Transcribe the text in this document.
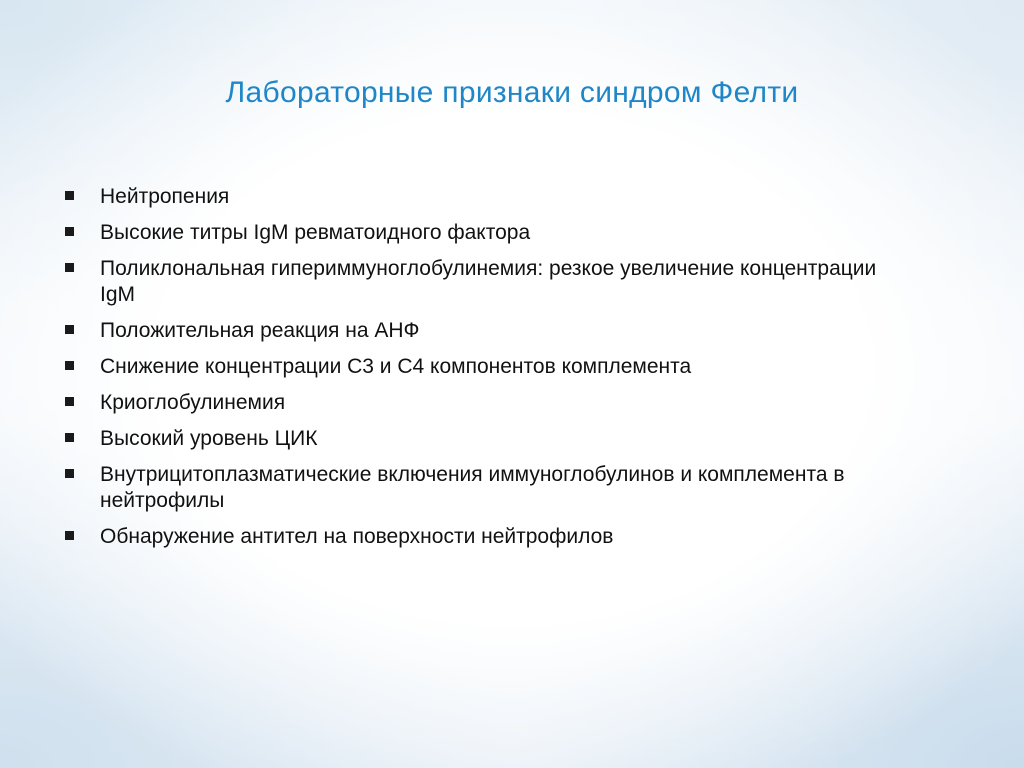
Лабораторные признаки синдром Фелти
Нейтропения
Высокие титры IgM ревматоидного фактора
Поликлональная гипериммуноглобулинемия: резкое увеличение концентрации IgM
Положительная реакция на АНФ
Снижение концентрации С3 и С4 компонентов комплемента
Криоглобулинемия
Высокий уровень ЦИК
Внутрицитоплазматические включения иммуноглобулинов и комплемента в нейтрофилы
Обнаружение антител на поверхности нейтрофилов
